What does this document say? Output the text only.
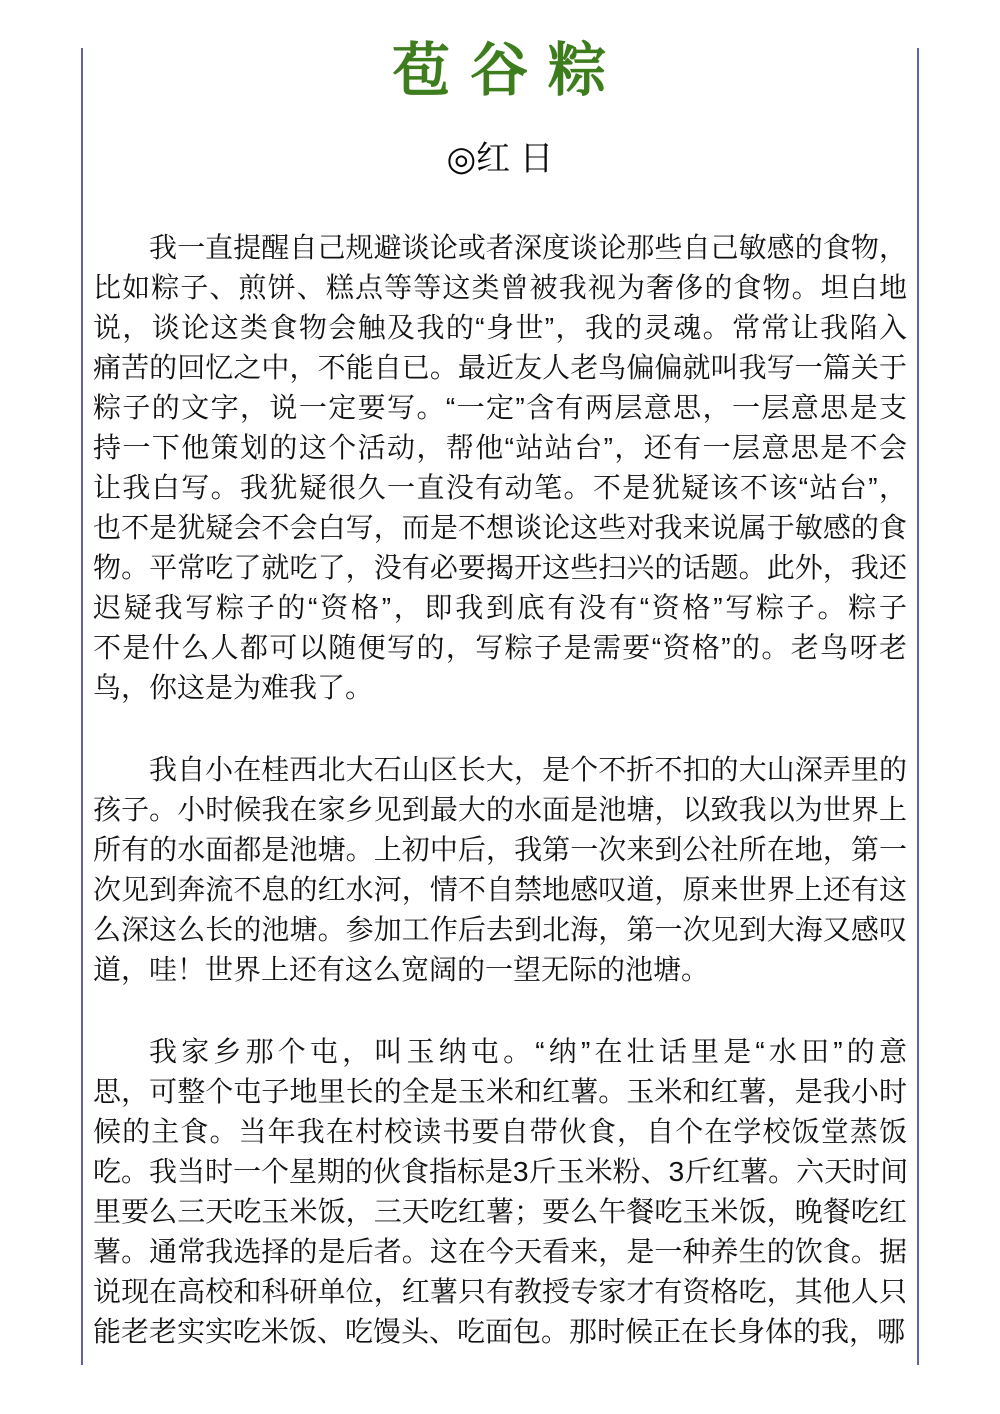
苞 谷 粽
◎红 日
我一直提醒自己规避谈论或者深度谈论那些自己敏感的食物，
比如粽子、煎饼、糕点等等这类曾被我视为奢侈的食物。坦白地
说，谈论这类食物会触及我的“身世”，我的灵魂。常常让我陷入
痛苦的回忆之中，不能自已。最近友人老鸟偏偏就叫我写一篇关于
粽子的文字，说一定要写。“一定”含有两层意思，一层意思是支
持一下他策划的这个活动，帮他“站站台”，还有一层意思是不会
让我白写。我犹疑很久一直没有动笔。不是犹疑该不该“站台”，
也不是犹疑会不会白写，而是不想谈论这些对我来说属于敏感的食
物。平常吃了就吃了，没有必要揭开这些扫兴的话题。此外，我还
迟疑我写粽子的“资格”，即我到底有没有“资格”写粽子。粽子
不是什么人都可以随便写的，写粽子是需要“资格”的。老鸟呀老
鸟，你这是为难我了。
我自小在桂西北大石山区长大，是个不折不扣的大山深弄里的
孩子。小时候我在家乡见到最大的水面是池塘，以致我以为世界上
所有的水面都是池塘。上初中后，我第一次来到公社所在地，第一
次见到奔流不息的红水河，情不自禁地感叹道，原来世界上还有这
么深这么长的池塘。参加工作后去到北海，第一次见到大海又感叹
道，哇！世界上还有这么宽阔的一望无际的池塘。
我家乡那个屯，叫玉纳屯。“纳”在壮话里是“水田”的意
思，可整个屯子地里长的全是玉米和红薯。玉米和红薯，是我小时
候的主食。当年我在村校读书要自带伙食，自个在学校饭堂蒸饭
吃。我当时一个星期的伙食指标是3斤玉米粉、3斤红薯。六天时间
里要么三天吃玉米饭，三天吃红薯；要么午餐吃玉米饭，晚餐吃红
薯。通常我选择的是后者。这在今天看来，是一种养生的饮食。据
说现在高校和科研单位，红薯只有教授专家才有资格吃，其他人只
能老老实实吃米饭、吃馒头、吃面包。那时候正在长身体的我，哪
